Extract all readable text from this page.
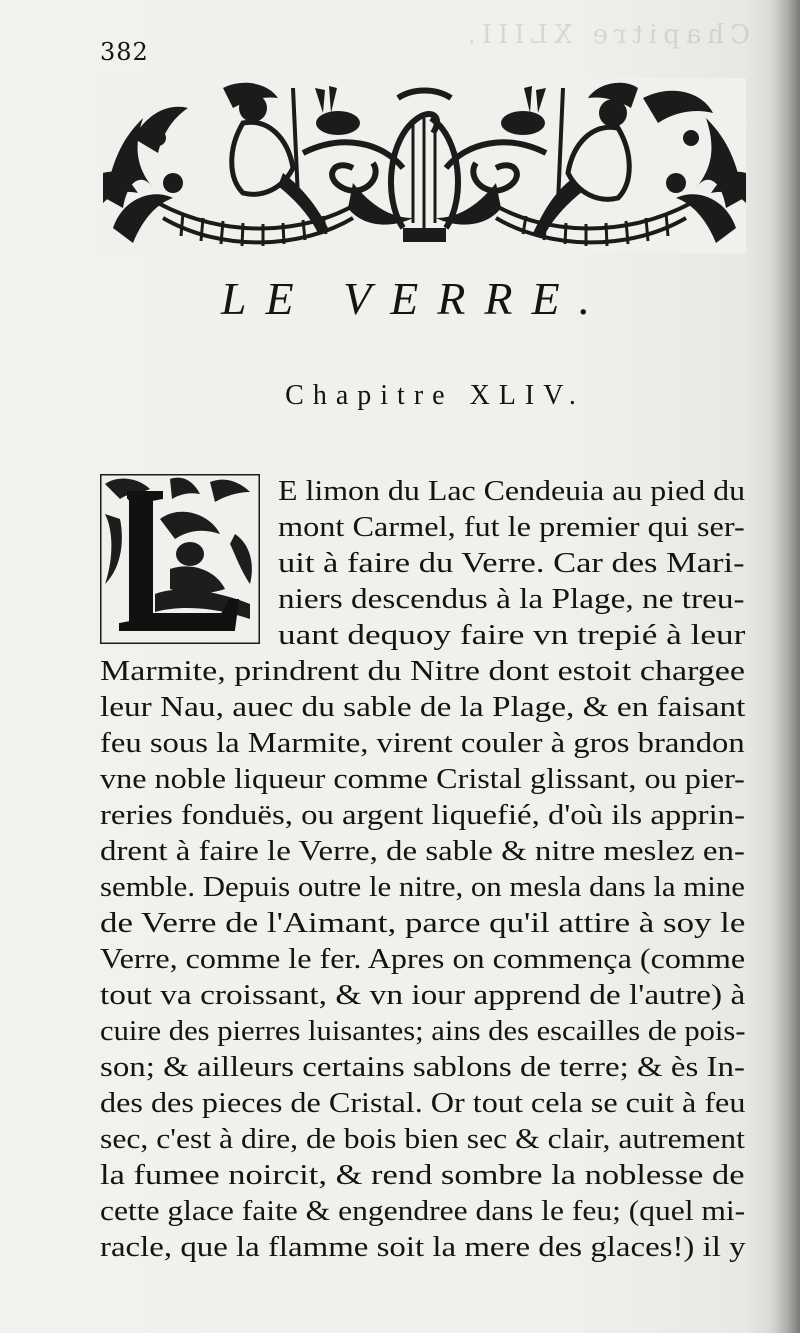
Chapitre XLIII.
382
LE VERRE.
Chapitre XLIV.
E limon du Lac Cendeuia au pied du
mont Carmel, fut le premier qui ser-
uit à faire du Verre. Car des Mari-
niers descendus à la Plage, ne treu-
uant dequoy faire vn trepié à leur
Marmite, prindrent du Nitre dont estoit chargee
leur Nau, auec du sable de la Plage, & en faisant
feu sous la Marmite, virent couler à gros brandon
vne noble liqueur comme Cristal glissant, ou pier-
reries fonduës, ou argent liquefié, d'où ils apprin-
drent à faire le Verre, de sable & nitre meslez en-
semble. Depuis outre le nitre, on mesla dans la mine
de Verre de l'Aimant, parce qu'il attire à soy le
Verre, comme le fer. Apres on commença (comme
tout va croissant, & vn iour apprend de l'autre) à
cuire des pierres luisantes; ains des escailles de pois-
son; & ailleurs certains sablons de terre; & ès In-
des des pieces de Cristal. Or tout cela se cuit à feu
sec, c'est à dire, de bois bien sec & clair, autrement
la fumee noircit, & rend sombre la noblesse de
cette glace faite & engendree dans le feu; (quel mi-
racle, que la flamme soit la mere des glaces!) il y
